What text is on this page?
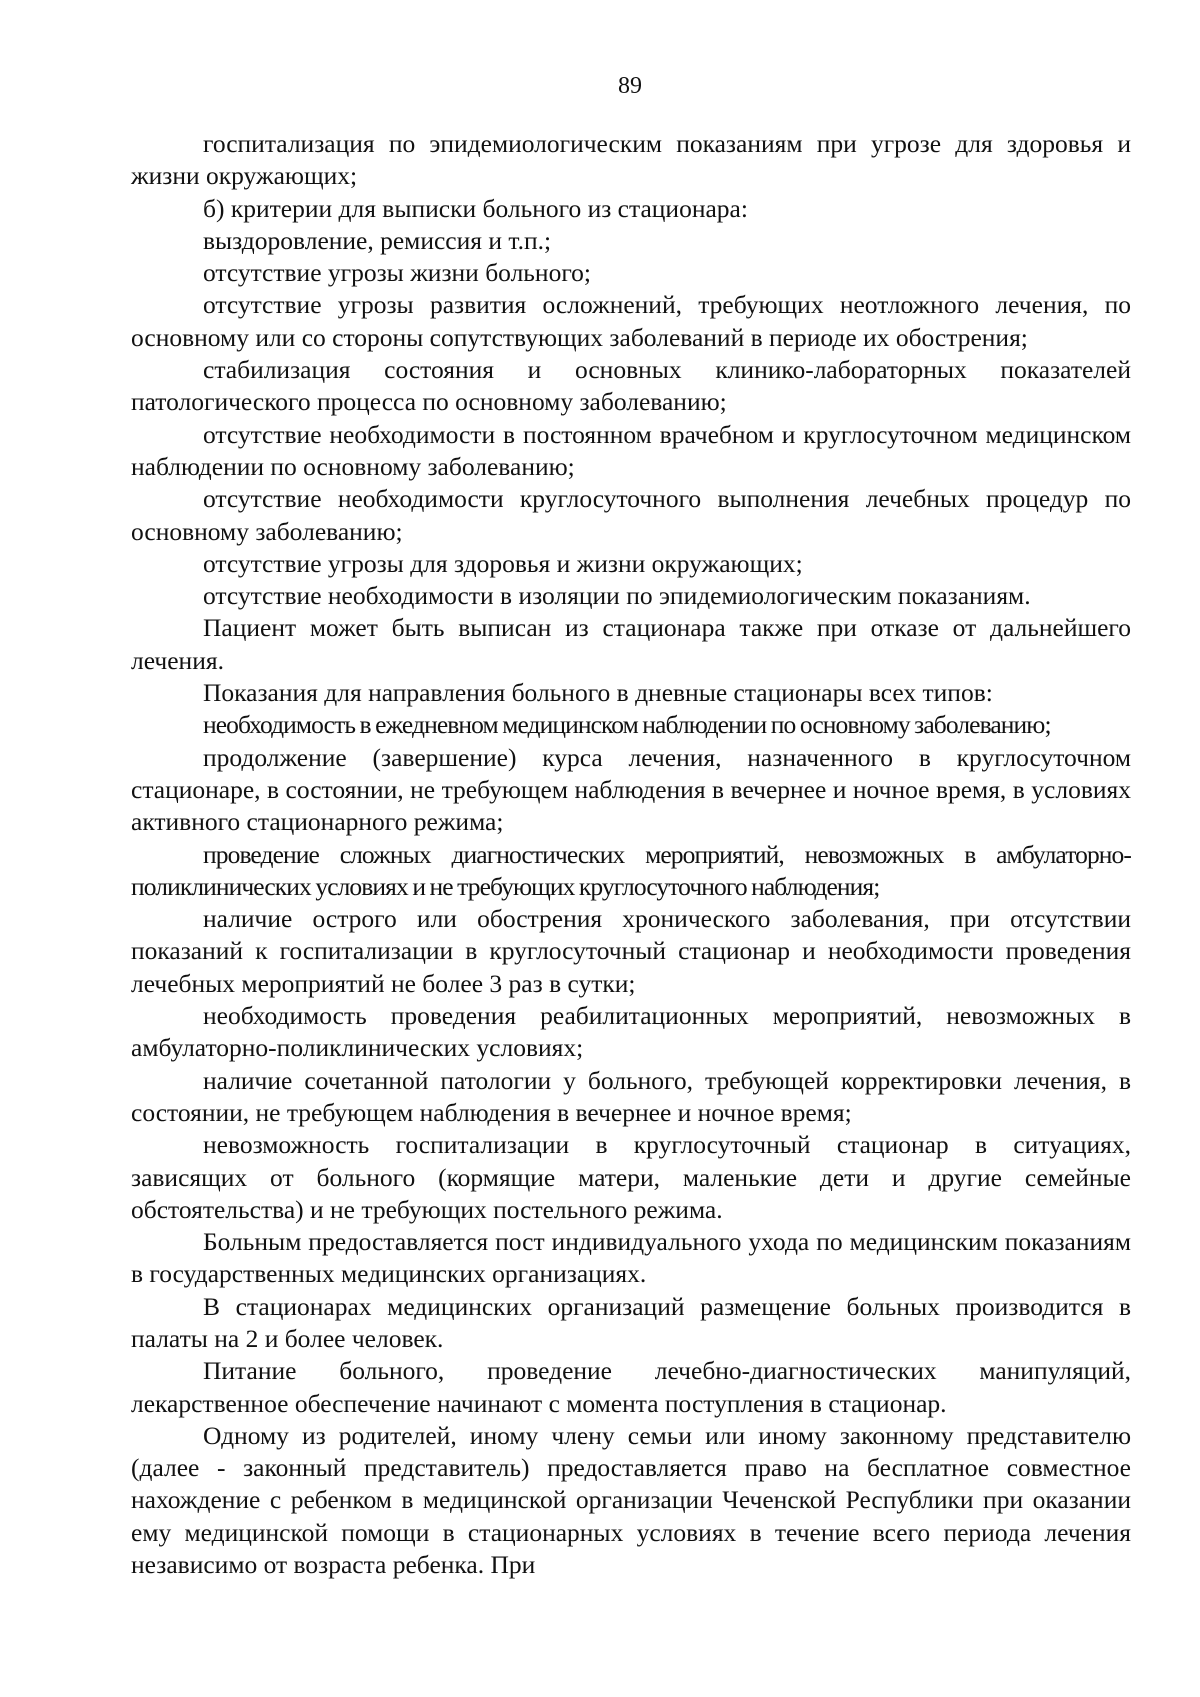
89

госпитализация по эпидемиологическим показаниям при угрозе для здоровья и жизни окружающих;

б) критерии для выписки больного из стационара:

выздоровление, ремиссия и т.п.;

отсутствие угрозы жизни больного;

отсутствие угрозы развития осложнений, требующих неотложного лечения, по основному или со стороны сопутствующих заболеваний в периоде их обострения;

стабилизация состояния и основных клинико-лабораторных показателей патологического процесса по основному заболеванию;

отсутствие необходимости в постоянном врачебном и круглосуточном медицинском наблюдении по основному заболеванию;

отсутствие необходимости круглосуточного выполнения лечебных процедур по основному заболеванию;

отсутствие угрозы для здоровья и жизни окружающих;

отсутствие необходимости в изоляции по эпидемиологическим показаниям.

Пациент может быть выписан из стационара также при отказе от дальнейшего лечения.

Показания для направления больного в дневные стационары всех типов:

необходимость в ежедневном медицинском наблюдении по основному заболеванию;

продолжение (завершение) курса лечения, назначенного в круглосуточном стационаре, в состоянии, не требующем наблюдения в вечернее и ночное время, в условиях активного стационарного режима;

проведение сложных диагностических мероприятий, невозможных в амбулаторно-поликлинических условиях и не требующих круглосуточного наблюдения;

наличие острого или обострения хронического заболевания, при отсутствии показаний к госпитализации в круглосуточный стационар и необходимости проведения лечебных мероприятий не более 3 раз в сутки;

необходимость проведения реабилитационных мероприятий, невозможных в амбулаторно-поликлинических условиях;

наличие сочетанной патологии у больного, требующей корректировки лечения, в состоянии, не требующем наблюдения в вечернее и ночное время;

невозможность госпитализации в круглосуточный стационар в ситуациях, зависящих от больного (кормящие матери, маленькие дети и другие семейные обстоятельства) и не требующих постельного режима.

Больным предоставляется пост индивидуального ухода по медицинским показаниям в государственных медицинских организациях.

В стационарах медицинских организаций размещение больных производится в палаты на 2 и более человек.

Питание больного, проведение лечебно-диагностических манипуляций, лекарственное обеспечение начинают с момента поступления в стационар.

Одному из родителей, иному члену семьи или иному законному представителю (далее - законный представитель) предоставляется право на бесплатное совместное нахождение с ребенком в медицинской организации Чеченской Республики при оказании ему медицинской помощи в стационарных условиях в течение всего периода лечения независимо от возраста ребенка. При
